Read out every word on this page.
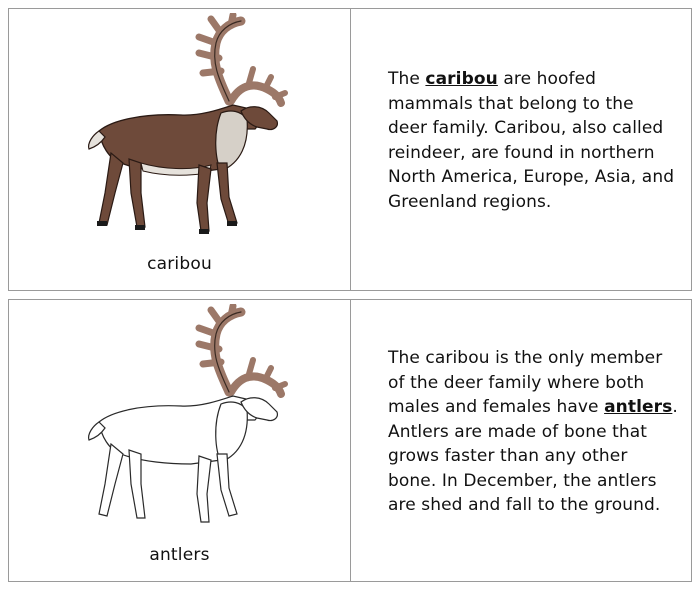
caribou
The caribou are hoofed mammals that belong to the deer family. Caribou, also called reindeer, are found in northern North America, Europe, Asia, and Greenland regions.
antlers
The caribou is the only member of the deer family where both males and females have antlers. Antlers are made of bone that grows faster than any other bone. In December, the antlers are shed and fall to the ground.
